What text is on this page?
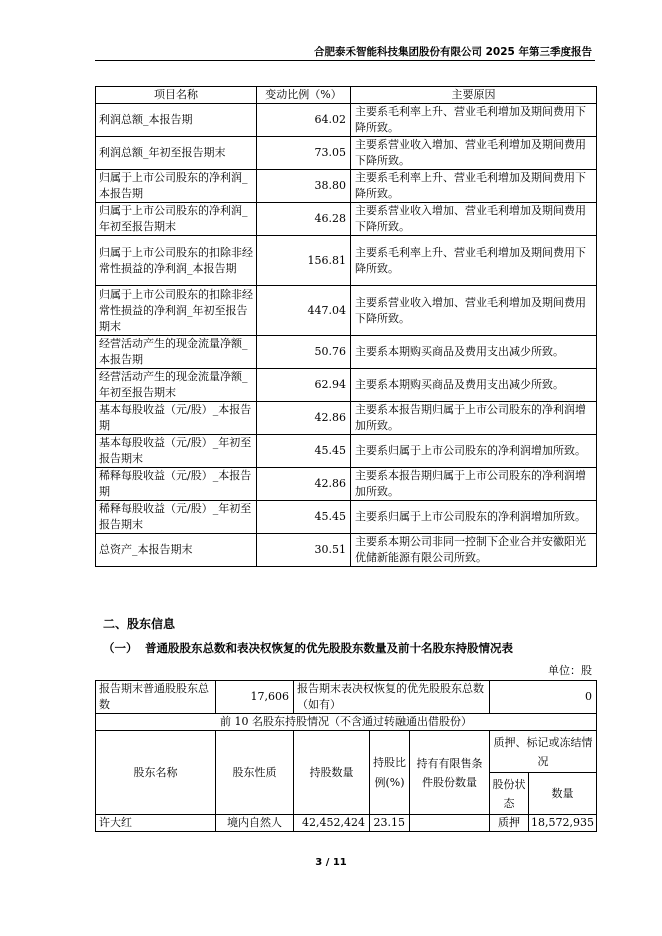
合肥泰禾智能科技集团股份有限公司 2025 年第三季度报告
项目名称	变动比例（%）	主要原因
利润总额_本报告期	64.02	主要系毛利率上升、营业毛利增加及期间费用下降所致。
利润总额_年初至报告期末	73.05	主要系营业收入增加、营业毛利增加及期间费用下降所致。
归属于上市公司股东的净利润_本报告期	38.80	主要系毛利率上升、营业毛利增加及期间费用下降所致。
归属于上市公司股东的净利润_年初至报告期末	46.28	主要系营业收入增加、营业毛利增加及期间费用下降所致。
归属于上市公司股东的扣除非经常性损益的净利润_本报告期	156.81	主要系毛利率上升、营业毛利增加及期间费用下降所致。
归属于上市公司股东的扣除非经常性损益的净利润_年初至报告期末	447.04	主要系营业收入增加、营业毛利增加及期间费用下降所致。
经营活动产生的现金流量净额_本报告期	50.76	主要系本期购买商品及费用支出减少所致。
经营活动产生的现金流量净额_年初至报告期末	62.94	主要系本期购买商品及费用支出减少所致。
基本每股收益（元/股）_本报告期	42.86	主要系本报告期归属于上市公司股东的净利润增加所致。
基本每股收益（元/股）_年初至报告期末	45.45	主要系归属于上市公司股东的净利润增加所致。
稀释每股收益（元/股）_本报告期	42.86	主要系本报告期归属于上市公司股东的净利润增加所致。
稀释每股收益（元/股）_年初至报告期末	45.45	主要系归属于上市公司股东的净利润增加所致。
总资产_本报告期末	30.51	主要系本期公司非同一控制下企业合并安徽阳光优储新能源有限公司所致。
二、股东信息
（一） 普通股股东总数和表决权恢复的优先股股东数量及前十名股东持股情况表
单位：股
报告期末普通股股东总数	17,606	报告期末表决权恢复的优先股股东总数（如有）			0	
前 10 名股东持股情况（不含通过转融通出借股份）						
股东名称	股东性质	持股数量	持股比例(%)	持有有限售条件股份数量	质押、标记或冻结情况	
					股份状态	数量
许大红	境内自然人	42,452,424	23.15		质押	18,572,935
3 / 11
